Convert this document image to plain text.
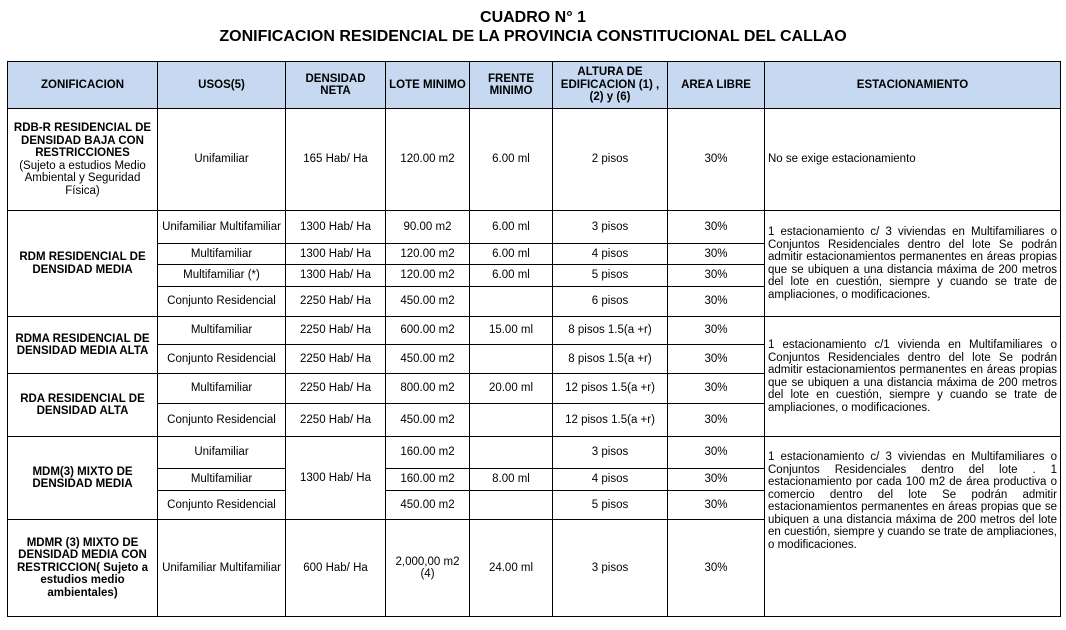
CUADRO N° 1
ZONIFICACION RESIDENCIAL DE LA PROVINCIA CONSTITUCIONAL DEL CALLAO
ZONIFICACION	USOS(5)	DENSIDAD NETA	LOTE MINIMO	FRENTE MINIMO	ALTURA DE EDIFICACION (1) , (2) y (6)	AREA LIBRE	ESTACIONAMIENTO

RDB-R RESIDENCIAL DE DENSIDAD BAJA CON RESTRICCIONES
(Sujeto a estudios Medio Ambiental y Seguridad Física)	Unifamiliar	165 Hab/ Ha	120.00 m2	6.00 ml	2 pisos	30%	No se exige estacionamiento
RDM RESIDENCIAL DE DENSIDAD MEDIA	Unifamiliar Multifamiliar	1300 Hab/ Ha	90.00 m2	6.00 ml	3 pisos	30%	1 estacionamiento c/ 3 viviendas en Multifamiliares o Conjuntos Residenciales dentro del lote Se podrán admitir estacionamientos permanentes en áreas propias que se ubiquen a una distancia máxima de 200 metros del lote en cuestión, siempre y cuando se trate de ampliaciones, o modificaciones.
	Multifamiliar	1300 Hab/ Ha	120.00 m2	6.00 ml	4 pisos	30%	
	Multifamiliar (*)	1300 Hab/ Ha	120.00 m2	6.00 ml	5 pisos	30%	
	Conjunto Residencial	2250 Hab/ Ha	450.00 m2		6 pisos	30%	
RDMA RESIDENCIAL DE DENSIDAD MEDIA ALTA	Multifamiliar	2250 Hab/ Ha	600.00 m2	15.00 ml	8 pisos 1.5(a +r)	30%	1 estacionamiento c/1 vivienda en Multifamiliares o Conjuntos Residenciales dentro del lote Se podrán admitir estacionamientos permanentes en áreas propias que se ubiquen a una distancia máxima de 200 metros del lote en cuestión, siempre y cuando se trate de ampliaciones, o modificaciones.
	Conjunto Residencial	2250 Hab/ Ha	450.00 m2		8 pisos 1.5(a +r)	30%	
RDA RESIDENCIAL DE DENSIDAD ALTA	Multifamiliar	2250 Hab/ Ha	800.00 m2	20.00 ml	12 pisos 1.5(a +r)	30%	
	Conjunto Residencial	2250 Hab/ Ha	450.00 m2		12 pisos 1.5(a +r)	30%	
MDM(3) MIXTO DE DENSIDAD MEDIA	Unifamiliar	1300 Hab/ Ha	160.00 m2		3 pisos	30%	1 estacionamiento c/ 3 viviendas en Multifamiliares o Conjuntos Residenciales dentro del lote . 1 estacionamiento por cada 100 m2 de área productiva o comercio dentro del lote Se podrán admitir estacionamientos permanentes en áreas propias que se ubiquen a una distancia máxima de 200 metros del lote en cuestión, siempre y cuando se trate de ampliaciones, o modificaciones.
	Multifamiliar		160.00 m2	8.00 ml	4 pisos	30%	
	Conjunto Residencial		450.00 m2		5 pisos	30%	
MDMR (3) MIXTO DE DENSIDAD MEDIA CON RESTRICCION( Sujeto a estudios medio ambientales)	Unifamiliar Multifamiliar	600 Hab/ Ha	2,000,00 m2 (4)	24.00 ml	3 pisos	30%	
